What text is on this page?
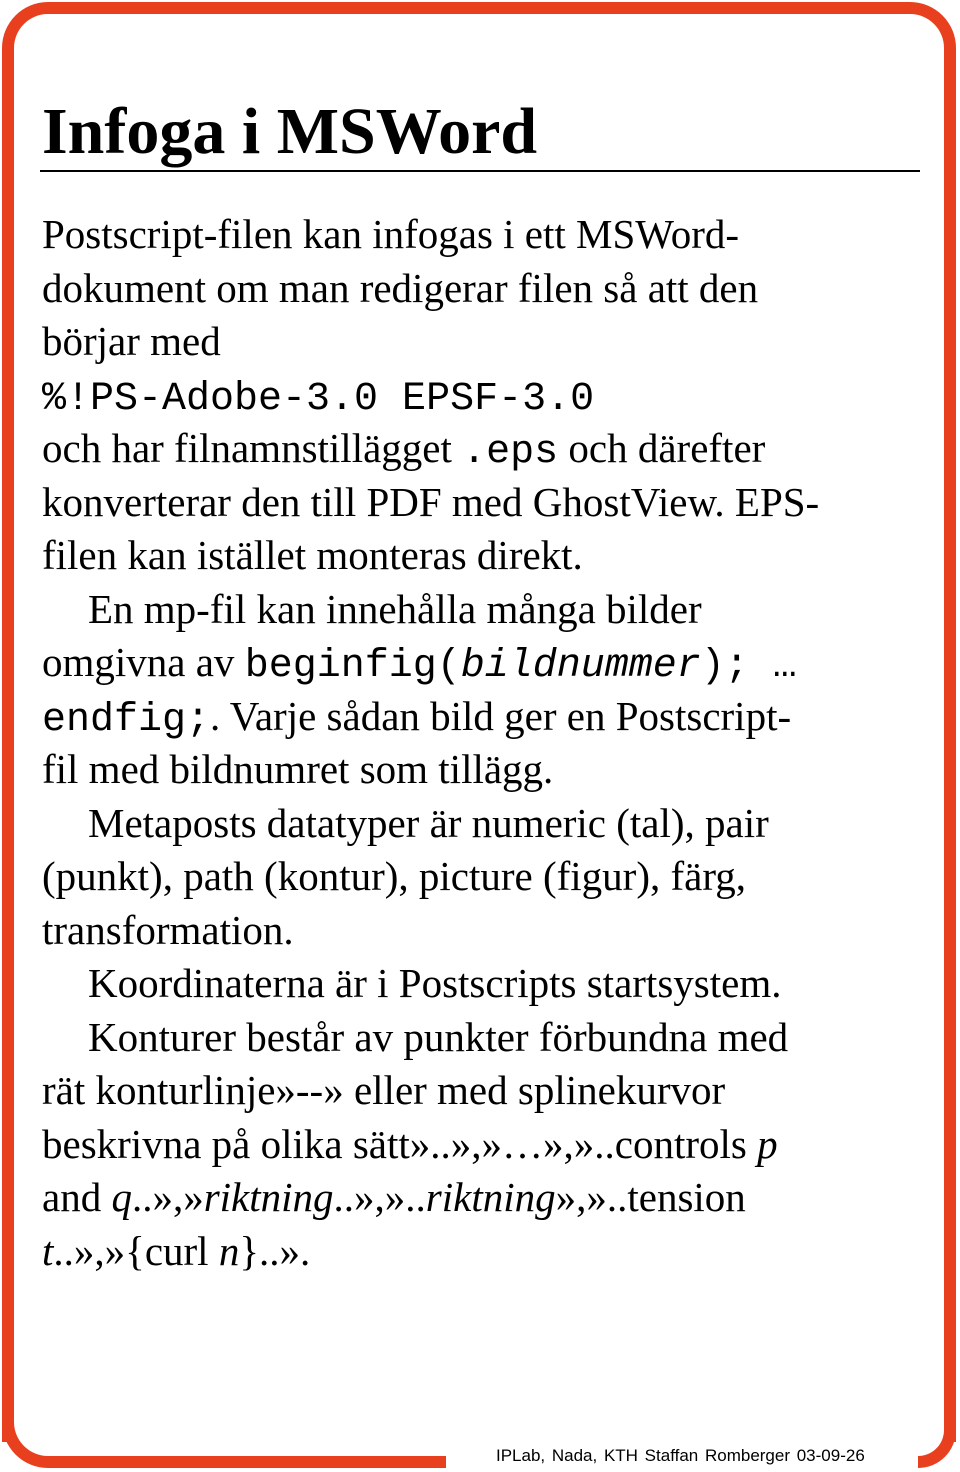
Infoga i MSWord
Postscript-filen kan infogas i ett MSWord-
dokument om man redigerar filen så att den
börjar med
%!PS-Adobe-3.0 EPSF-3.0
och har filnamnstillägget .eps och därefter
konverterar den till PDF med GhostView. EPS-
filen kan istället monteras direkt.
En mp-fil kan innehålla många bilder
omgivna av beginfig(bildnummer); …
endfig;. Varje sådan bild ger en Postscript-
fil med bildnumret som tillägg.
Metaposts datatyper är numeric (tal), pair
(punkt), path (kontur), picture (figur), färg,
transformation.
Koordinaterna är i Postscripts startsystem.
Konturer består av punkter förbundna med
rät konturlinje»--» eller med splinekurvor
beskrivna på olika sätt»..»,»…»,»..controls p
and q..»,»riktning..»,»..riktning»,»..tension
t..»,»{curl n}..».
IPLab, Nada, KTH Staffan Romberger 03-09-26
